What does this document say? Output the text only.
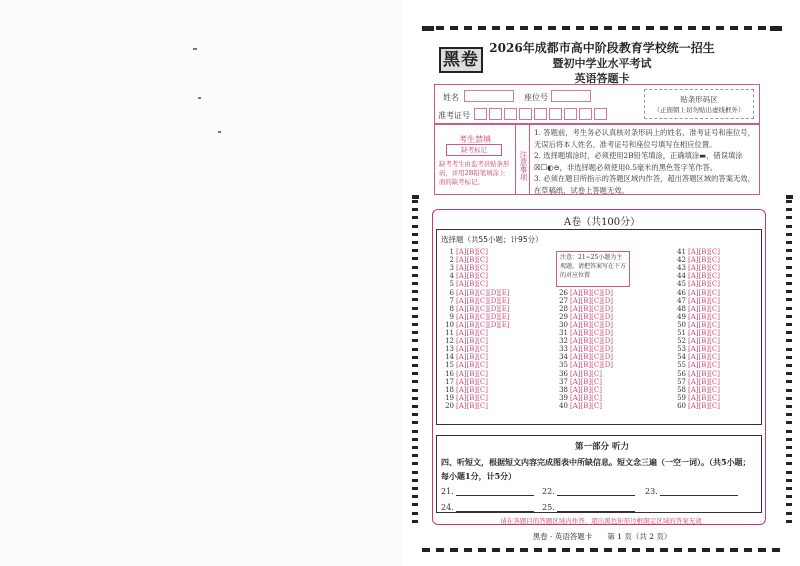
黑卷
2026年成都市高中阶段教育学校统一招生
暨初中学业水平考试
英语答题卡
姓名	座位号
准考证号
贴条形码区
（正面朝上切勿贴出虚线框外）
考生禁填
缺考标记
缺考考生由监考员贴条形码，并用2B铅笔填涂上面的缺考标记。
注意事项
1. 答题前，考生务必认真核对条形码上的姓名、准考证号和座位号，无误后将本人姓名、准考证号和座位号填写在相应位置。
2. 选择题填涂时，必须使用2B铅笔填涂，正确填涂▬，错误填涂☒☐◐⊖，非选择题必须使用0.5毫米的黑色签字笔作答。
3. 必须在题目所指示的答题区域内作答，超出答题区域的答案无效，在草稿纸、试卷上答题无效。
A卷（共100分）
选择题（共55小题；计95分）
注意：21~25小题为主观题，请把答案写在下方的对应位置
1 [A][B][C]
2 [A][B][C]
3 [A][B][C]
4 [A][B][C]
5 [A][B][C]
6 [A][B][C][D][E]
7 [A][B][C][D][E]
8 [A][B][C][D][E]
9 [A][B][C][D][E]
10 [A][B][C][D][E]
11 [A][B][C]
12 [A][B][C]
13 [A][B][C]
14 [A][B][C]
15 [A][B][C]
16 [A][B][C]
17 [A][B][C]
18 [A][B][C]
19 [A][B][C]
20 [A][B][C]
26 [A][B][C][D]
27 [A][B][C][D]
28 [A][B][C][D]
29 [A][B][C][D]
30 [A][B][C][D]
31 [A][B][C][D]
32 [A][B][C][D]
33 [A][B][C][D]
34 [A][B][C][D]
35 [A][B][C][D]
36 [A][B][C]
37 [A][B][C]
38 [A][B][C]
39 [A][B][C]
40 [A][B][C]
41 [A][B][C]
42 [A][B][C]
43 [A][B][C]
44 [A][B][C]
45 [A][B][C]
46 [A][B][C]
47 [A][B][C]
48 [A][B][C]
49 [A][B][C]
50 [A][B][C]
51 [A][B][C]
52 [A][B][C]
53 [A][B][C]
54 [A][B][C]
55 [A][B][C]
56 [A][B][C]
57 [A][B][C]
58 [A][B][C]
59 [A][B][C]
60 [A][B][C]
第一部分 听力
四、听短文，根据短文内容完成图表中所缺信息。短文念三遍（一空一词）。（共5小题；每小题1分，计5分）
21.	22.	23.
24.	25.
请在各题目的答题区域内作答，超出黑色矩形边框限定区域的答案无效
黑卷 · 英语答题卡　　第 1 页（共 2 页）
